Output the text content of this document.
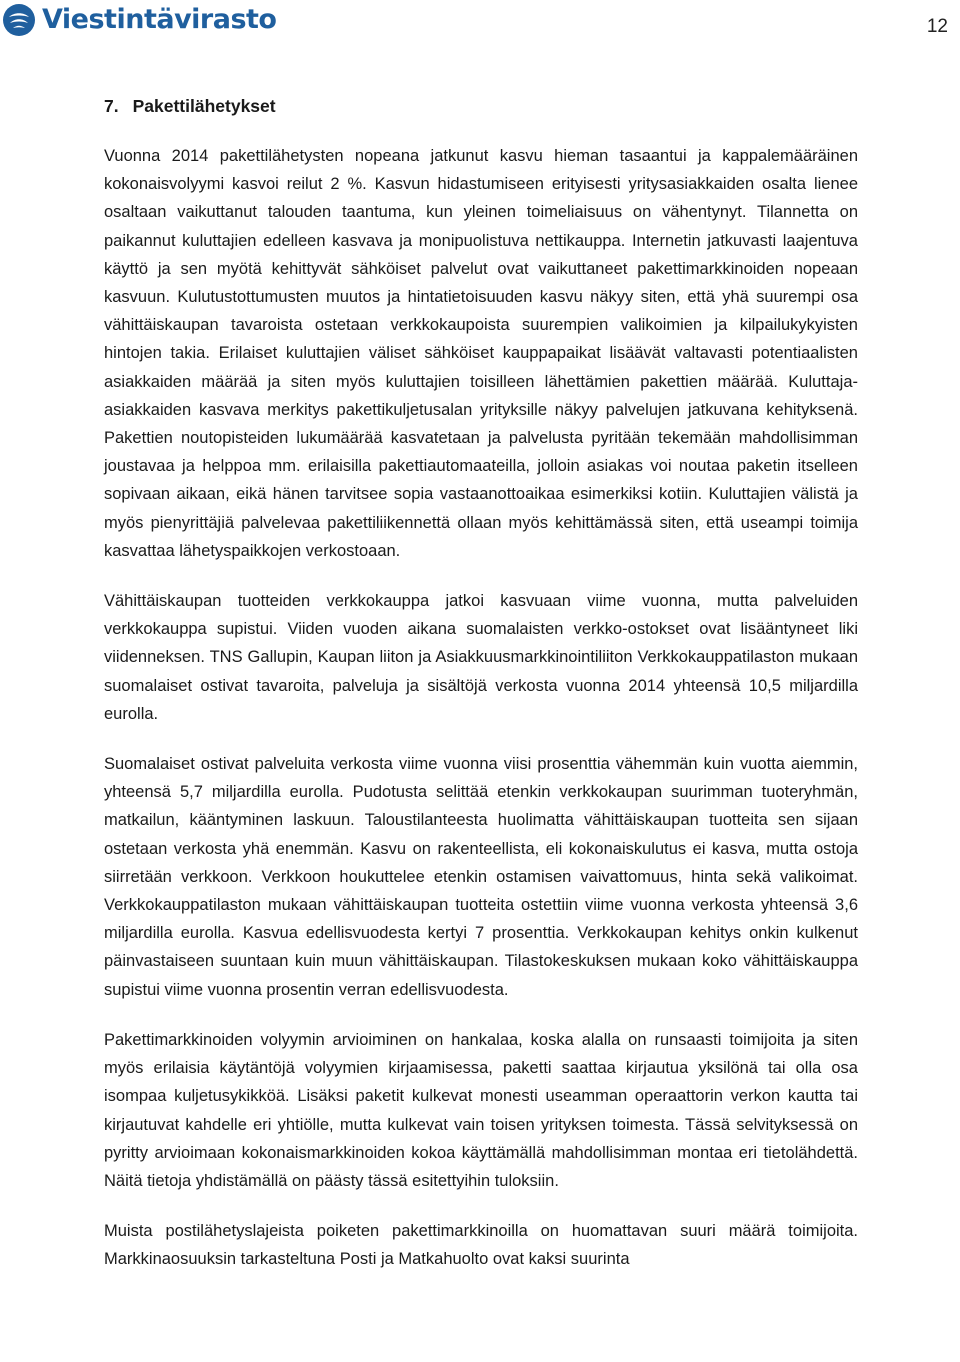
Viestintävirasto	12
7. Pakettilähetykset

Vuonna 2014 pakettilähetysten nopeana jatkunut kasvu hieman tasaantui ja kappalemääräinen kokonaisvolyymi kasvoi reilut 2 %. Kasvun hidastumiseen erityisesti yritysasiakkaiden osalta lienee osaltaan vaikuttanut talouden taantuma, kun yleinen toimeliaisuus on vähentynyt. Tilannetta on paikannut kuluttajien edelleen kasvava ja monipuolistuva nettikauppa. Internetin jatkuvasti laajentuva käyttö ja sen myötä kehittyvät sähköiset palvelut ovat vaikuttaneet pakettimarkkinoiden nopeaan kasvuun. Kulutustottumusten muutos ja hintatietoisuuden kasvu näkyy siten, että yhä suurempi osa vähittäiskaupan tavaroista ostetaan verkkokaupoista suurempien valikoimien ja kilpailukykyisten hintojen takia. Erilaiset kuluttajien väliset sähköiset kauppapaikat lisäävät valtavasti potentiaalisten asiakkaiden määrää ja siten myös kuluttajien toisilleen lähettämien pakettien määrää. Kuluttaja-asiakkaiden kasvava merkitys pakettikuljetusalan yrityksille näkyy palvelujen jatkuvana kehityksenä. Pakettien noutopisteiden lukumäärää kasvatetaan ja palvelusta pyritään tekemään mahdollisimman joustavaa ja helppoa mm. erilaisilla pakettiautomaateilla, jolloin asiakas voi noutaa paketin itselleen sopivaan aikaan, eikä hänen tarvitsee sopia vastaanottoaikaa esimerkiksi kotiin. Kuluttajien välistä ja myös pienyrittäjiä palvelevaa pakettiliikennettä ollaan myös kehittämässä siten, että useampi toimija kasvattaa lähetyspaikkojen verkostoaan.

Vähittäiskaupan tuotteiden verkkokauppa jatkoi kasvuaan viime vuonna, mutta palveluiden verkkokauppa supistui. Viiden vuoden aikana suomalaisten verkko-ostokset ovat lisääntyneet liki viidenneksen. TNS Gallupin, Kaupan liiton ja Asiakkuusmarkkinointiliiton Verkkokauppatilaston mukaan suomalaiset ostivat tavaroita, palveluja ja sisältöjä verkosta vuonna 2014 yhteensä 10,5 miljardilla eurolla.

Suomalaiset ostivat palveluita verkosta viime vuonna viisi prosenttia vähemmän kuin vuotta aiemmin, yhteensä 5,7 miljardilla eurolla. Pudotusta selittää etenkin verkkokaupan suurimman tuoteryhmän, matkailun, kääntyminen laskuun. Taloustilanteesta huolimatta vähittäiskaupan tuotteita sen sijaan ostetaan verkosta yhä enemmän. Kasvu on rakenteellista, eli kokonaiskulutus ei kasva, mutta ostoja siirretään verkkoon. Verkkoon houkuttelee etenkin ostamisen vaivattomuus, hinta sekä valikoimat. Verkkokauppatilaston mukaan vähittäiskaupan tuotteita ostettiin viime vuonna verkosta yhteensä 3,6 miljardilla eurolla. Kasvua edellisvuodesta kertyi 7 prosenttia. Verkkokaupan kehitys onkin kulkenut päinvastaiseen suuntaan kuin muun vähittäiskaupan. Tilastokeskuksen mukaan koko vähittäiskauppa supistui viime vuonna prosentin verran edellisvuodesta.

Pakettimarkkinoiden volyymin arvioiminen on hankalaa, koska alalla on runsaasti toimijoita ja siten myös erilaisia käytäntöjä volyymien kirjaamisessa, paketti saattaa kirjautua yksilönä tai olla osa isompaa kuljetusykikköä. Lisäksi paketit kulkevat monesti useamman operaattorin verkon kautta tai kirjautuvat kahdelle eri yhtiölle, mutta kulkevat vain toisen yrityksen toimesta. Tässä selvityksessä on pyritty arvioimaan kokonaismarkkinoiden kokoa käyttämällä mahdollisimman montaa eri tietolähdettä. Näitä tietoja yhdistämällä on päästy tässä esitettyihin tuloksiin.

Muista postilähetyslajeista poiketen pakettimarkkinoilla on huomattavan suuri määrä toimijoita. Markkinaosuuksin tarkasteltuna Posti ja Matkahuolto ovat kaksi suurinta
